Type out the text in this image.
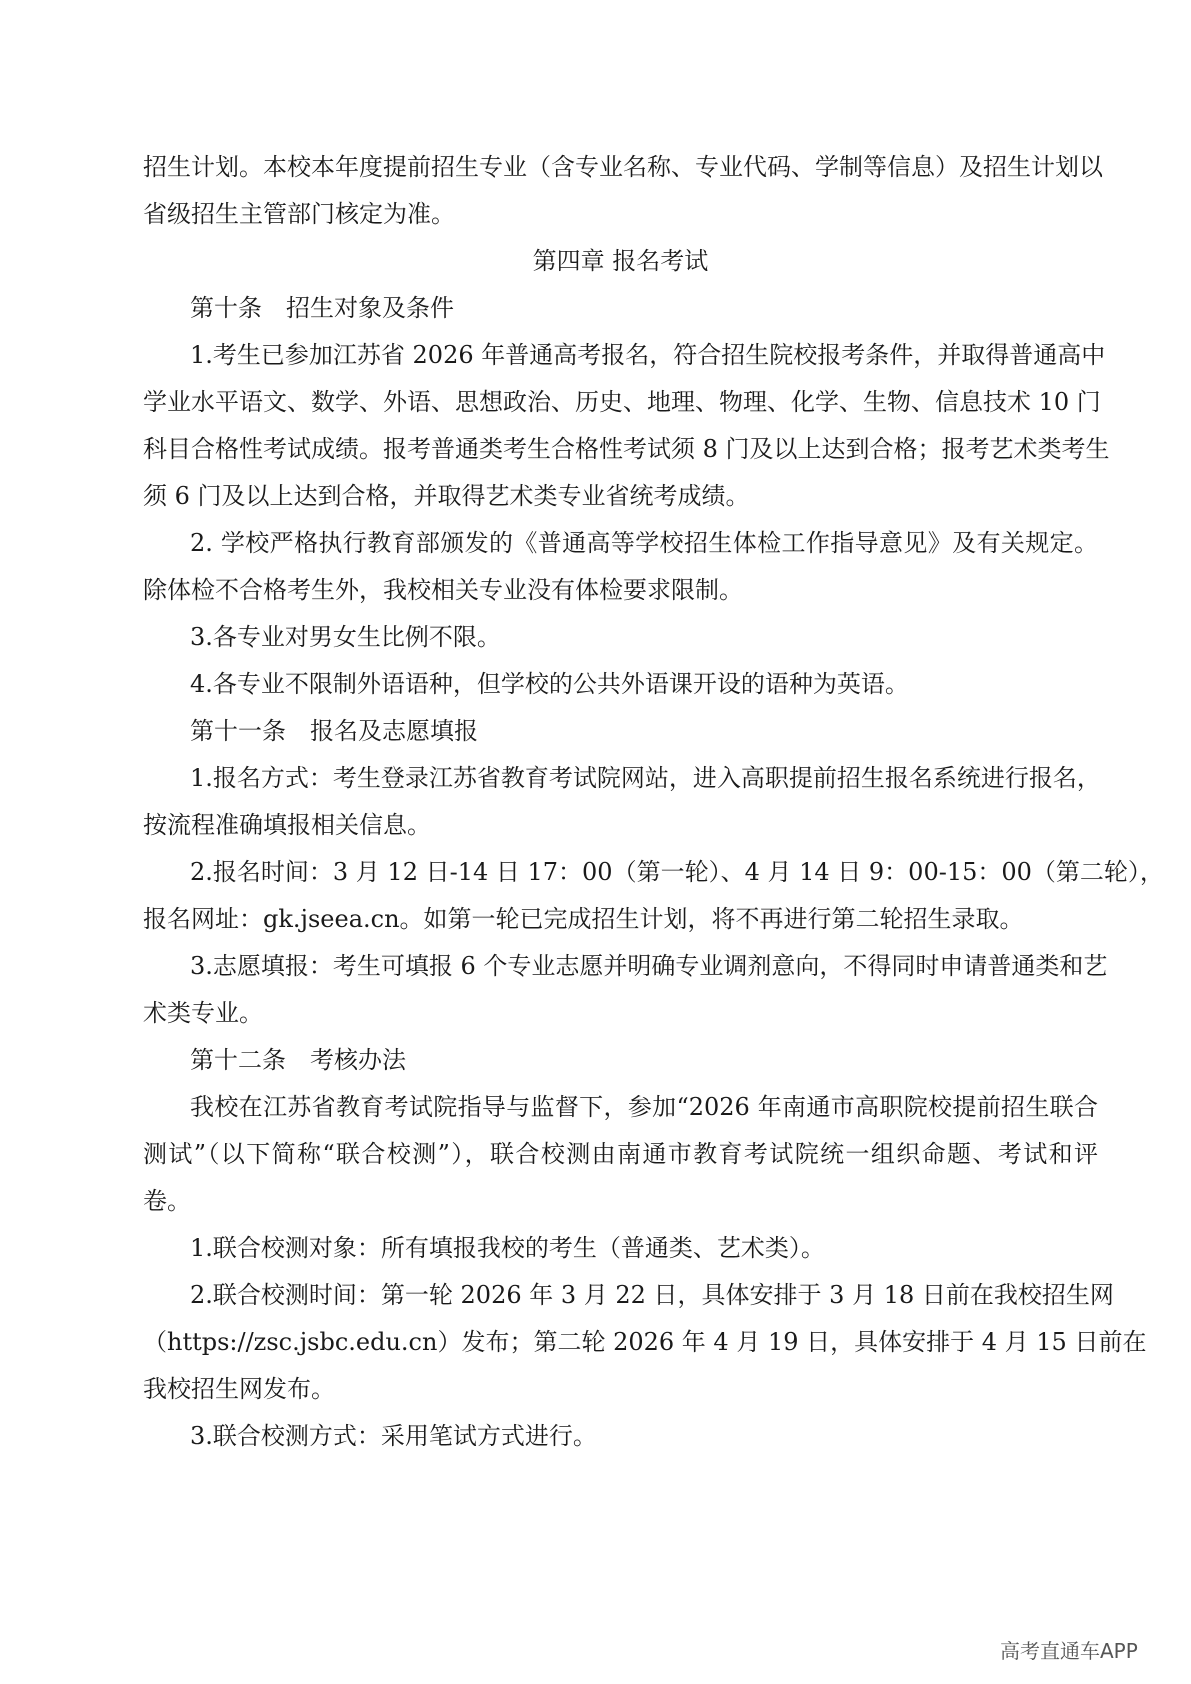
招生计划。本校本年度提前招生专业（含专业名称、专业代码、学制等信息）及招生计划以
省级招生主管部门核定为准。
第四章 报名考试
第十条　招生对象及条件
1.考生已参加江苏省 2026 年普通高考报名，符合招生院校报考条件，并取得普通高中
学业水平语文、数学、外语、思想政治、历史、地理、物理、化学、生物、信息技术 10 门
科目合格性考试成绩。报考普通类考生合格性考试须 8 门及以上达到合格；报考艺术类考生
须 6 门及以上达到合格，并取得艺术类专业省统考成绩。
2. 学校严格执行教育部颁发的《普通高等学校招生体检工作指导意见》及有关规定。
除体检不合格考生外，我校相关专业没有体检要求限制。
3.各专业对男女生比例不限。
4.各专业不限制外语语种，但学校的公共外语课开设的语种为英语。
第十一条　报名及志愿填报
1.报名方式：考生登录江苏省教育考试院网站，进入高职提前招生报名系统进行报名，
按流程准确填报相关信息。
2.报名时间：3 月 12 日-14 日 17：00（第一轮）、4 月 14 日 9：00-15：00（第二轮），
报名网址：gk.jseea.cn。如第一轮已完成招生计划，将不再进行第二轮招生录取。
3.志愿填报：考生可填报 6 个专业志愿并明确专业调剂意向，不得同时申请普通类和艺
术类专业。
第十二条　考核办法
我校在江苏省教育考试院指导与监督下，参加“2026 年南通市高职院校提前招生联合
测试”（以下简称“联合校测”），联合校测由南通市教育考试院统一组织命题、考试和评
卷。
1.联合校测对象：所有填报我校的考生（普通类、艺术类）。
2.联合校测时间：第一轮 2026 年 3 月 22 日，具体安排于 3 月 18 日前在我校招生网
（https://zsc.jsbc.edu.cn）发布；第二轮 2026 年 4 月 19 日，具体安排于 4 月 15 日前在
我校招生网发布。
3.联合校测方式：采用笔试方式进行。
高考直通车APP
